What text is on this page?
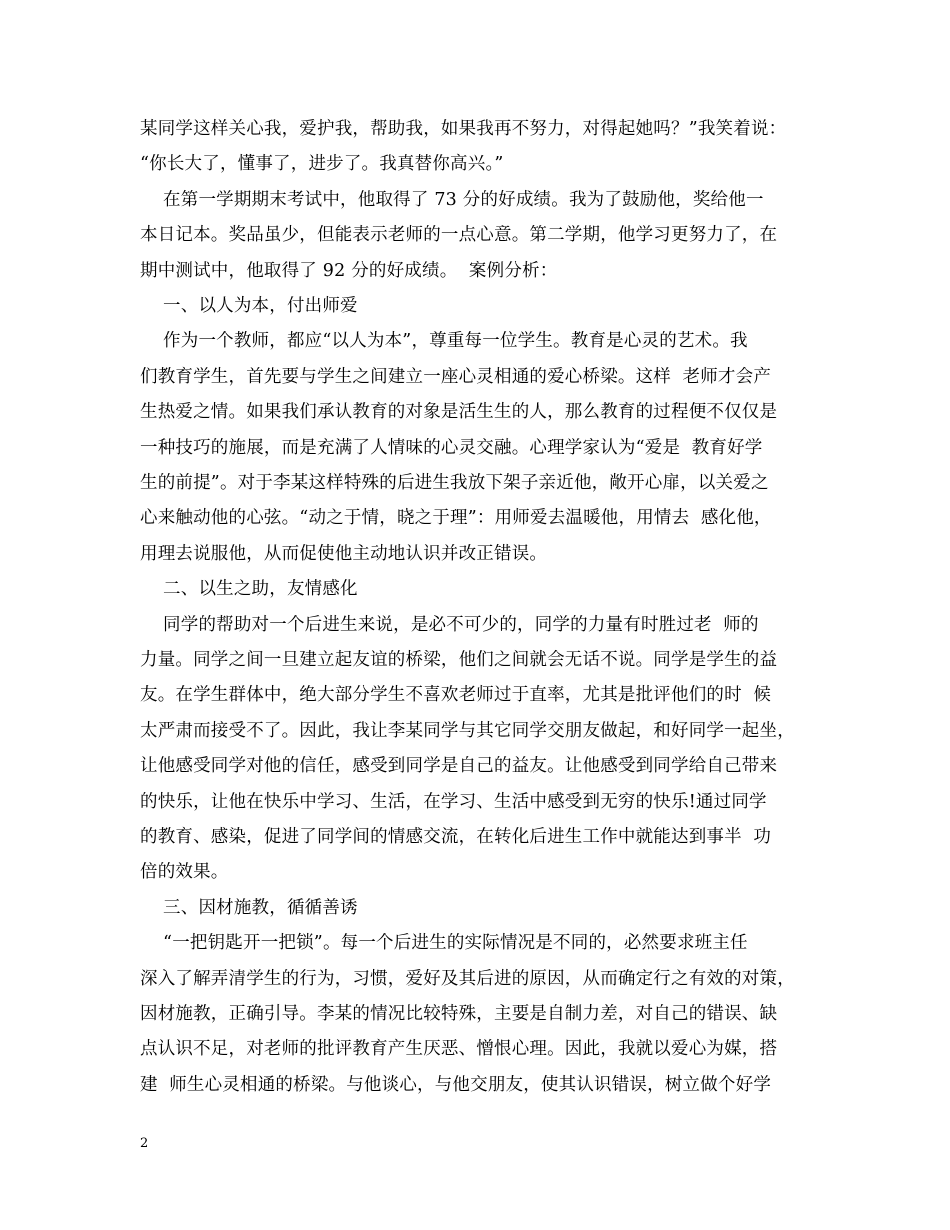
某同学这样关心我，爱护我，帮助我，如果我再不努力，对得起她吗？”我笑着说：
“你长大了，懂事了，进步了。我真替你高兴。”
在第一学期期末考试中，他取得了 73 分的好成绩。我为了鼓励他，奖给他一
本日记本。奖品虽少，但能表示老师的一点心意。第二学期，他学习更努力了，在
期中测试中，他取得了 92 分的好成绩。  案例分析：
一、以人为本，付出师爱
作为一个教师，都应“以人为本”，尊重每一位学生。教育是心灵的艺术。我
们教育学生，首先要与学生之间建立一座心灵相通的爱心桥梁。这样  老师才会产
生热爱之情。如果我们承认教育的对象是活生生的人，那么教育的过程便不仅仅是
一种技巧的施展，而是充满了人情味的心灵交融。心理学家认为“爱是  教育好学
生的前提”。对于李某这样特殊的后进生我放下架子亲近他，敞开心扉，以关爱之
心来触动他的心弦。“动之于情，晓之于理”：用师爱去温暖他，用情去  感化他，
用理去说服他，从而促使他主动地认识并改正错误。
二、以生之助，友情感化
同学的帮助对一个后进生来说，是必不可少的，同学的力量有时胜过老  师的
力量。同学之间一旦建立起友谊的桥梁，他们之间就会无话不说。同学是学生的益
友。在学生群体中，绝大部分学生不喜欢老师过于直率，尤其是批评他们的时  候
太严肃而接受不了。因此，我让李某同学与其它同学交朋友做起，和好同学一起坐，
让他感受同学对他的信任，感受到同学是自己的益友。让他感受到同学给自己带来
的快乐，让他在快乐中学习、生活，在学习、生活中感受到无穷的快乐!通过同学
的教育、感染，促进了同学间的情感交流，在转化后进生工作中就能达到事半  功
倍的效果。
三、因材施教，循循善诱
“一把钥匙开一把锁”。每一个后进生的实际情况是不同的，必然要求班主任
深入了解弄清学生的行为，习惯，爱好及其后进的原因，从而确定行之有效的对策，
因材施教，正确引导。李某的情况比较特殊，主要是自制力差，对自己的错误、缺
点认识不足，对老师的批评教育产生厌恶、憎恨心理。因此，我就以爱心为媒，搭
建  师生心灵相通的桥梁。与他谈心，与他交朋友，使其认识错误，树立做个好学
2
